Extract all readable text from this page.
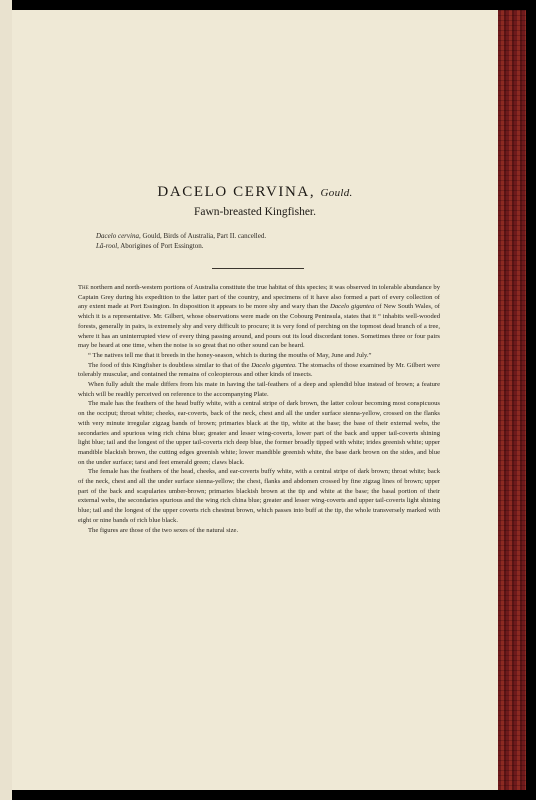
DACELO CERVINA, Gould.
Fawn-breasted Kingfisher.
Dacelo cervina, Gould, Birds of Australia, Part II. cancelled.
Lā-rool, Aborigines of Port Essington.

The northern and north-western portions of Australia constitute the true habitat of this species; it was observed in tolerable abundance by Captain Grey during his expedition to the latter part of the country, and specimens of it have also formed a part of every collection of any extent made at Port Essington. In disposition it appears to be more shy and wary than the Dacelo gigantea of New South Wales, of which it is a representative. Mr. Gilbert, whose observations were made on the Cobourg Peninsula, states that it “ inhabits well-wooded forests, generally in pairs, is extremely shy and very difficult to procure; it is very fond of perching on the topmost dead branch of a tree, where it has an uninterrupted view of every thing passing around, and pours out its loud discordant tones. Sometimes three or four pairs may be heard at one time, when the noise is so great that no other sound can be heard.

“ The natives tell me that it breeds in the honey-season, which is during the mouths of May, June and July.”

The food of this Kingfisher is doubtless similar to that of the Dacelo gigantea. The stomachs of those examined by Mr. Gilbert were tolerably muscular, and contained the remains of coleopterous and other kinds of insects.

When fully adult the male differs from his mate in having the tail-feathers of a deep and splendid blue instead of brown; a feature which will be readily perceived on reference to the accompanying Plate.

The male has the feathers of the head buffy white, with a central stripe of dark brown, the latter colour becoming most conspicuous on the occiput; throat white; cheeks, ear-coverts, back of the neck, chest and all the under surface sienna-yellow, crossed on the flanks with very minute irregular zigzag bands of brown; primaries black at the tip, white at the base; the base of their external webs, the secondaries and spurious wing rich china blue; greater and lesser wing-coverts, lower part of the back and upper tail-coverts shining light blue; tail and the longest of the upper tail-coverts rich deep blue, the former broadly tipped with white; irides greenish white; upper mandible blackish brown, the cutting edges greenish white; lower mandible greenish white, the base dark brown on the sides, and blue on the under surface; tarsi and feet emerald green; claws black.

The female has the feathers of the head, cheeks, and ear-coverts buffy white, with a central stripe of dark brown; throat white; back of the neck, chest and all the under surface sienna-yellow; the chest, flanks and abdomen crossed by fine zigzag lines of brown; upper part of the back and scapularies umber-brown; primaries blackish brown at the tip and white at the base; the basal portion of their external webs, the secondaries spurious and the wing rich china blue; greater and lesser wing-coverts and upper tail-coverts light shining blue; tail and the longest of the upper coverts rich chestnut brown, which passes into buff at the tip, the whole transversely marked with eight or nine bands of rich blue black.

The figures are those of the two sexes of the natural size.
